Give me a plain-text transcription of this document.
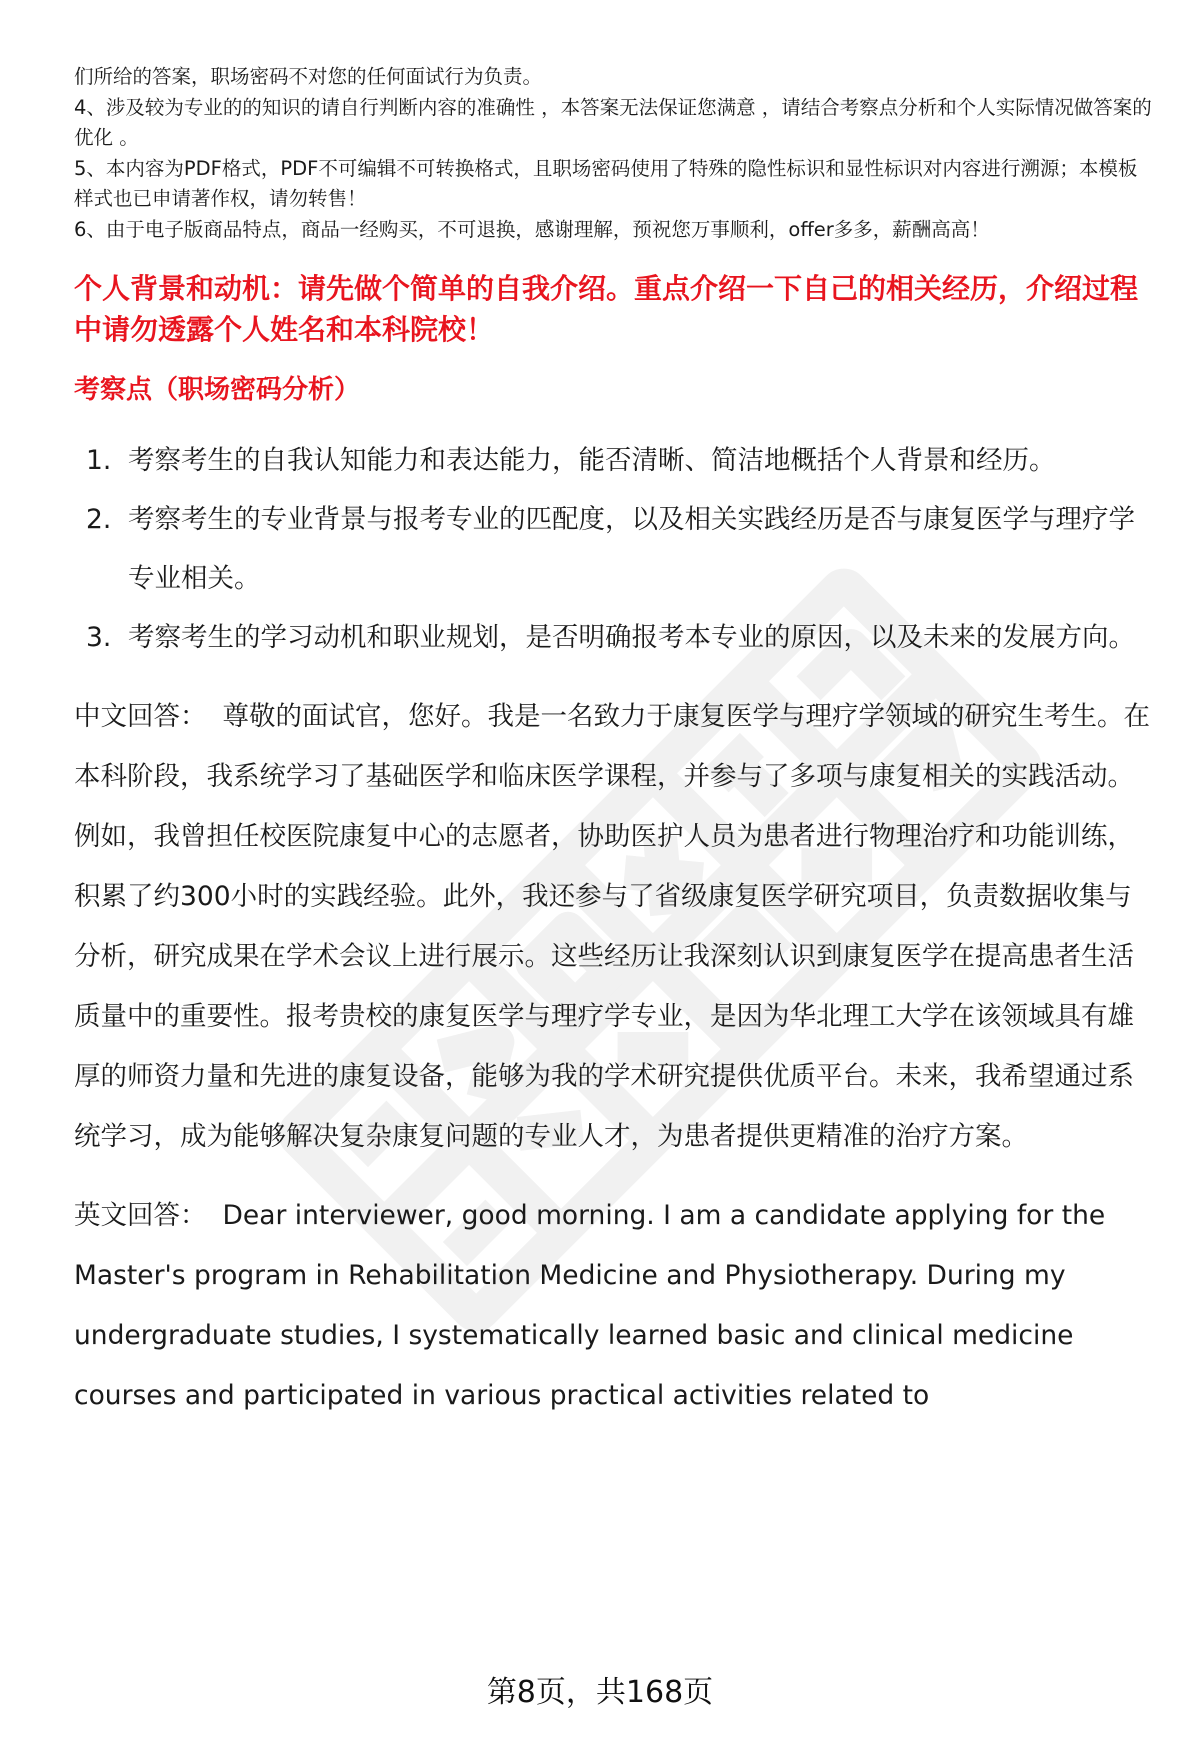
们所给的答案，职场密码不对您的任何面试行为负责。

4、涉及较为专业的的知识的请自行判断内容的准确性 ，本答案无法保证您满意 ，请结合考察点分析和个人实际情况做答案的优化 。

5、本内容为PDF格式，PDF不可编辑不可转换格式，且职场密码使用了特殊的隐性标识和显性标识对内容进行溯源；本模板样式也已申请著作权，请勿转售！

6、由于电子版商品特点，商品一经购买，不可退换，感谢理解，预祝您万事顺利，offer多多，薪酬高高！

个人背景和动机：请先做个简单的自我介绍。重点介绍一下自己的相关经历，介绍过程中请勿透露个人姓名和本科院校！

考察点（职场密码分析）

1. 考察考生的自我认知能力和表达能力，能否清晰、简洁地概括个人背景和经历。
2. 考察考生的专业背景与报考专业的匹配度，以及相关实践经历是否与康复医学与理疗学专业相关。
3. 考察考生的学习动机和职业规划，是否明确报考本专业的原因，以及未来的发展方向。

中文回答： 尊敬的面试官，您好。我是一名致力于康复医学与理疗学领域的研究生考生。在本科阶段，我系统学习了基础医学和临床医学课程，并参与了多项与康复相关的实践活动。例如，我曾担任校医院康复中心的志愿者，协助医护人员为患者进行物理治疗和功能训练，积累了约300小时的实践经验。此外，我还参与了省级康复医学研究项目，负责数据收集与分析，研究成果在学术会议上进行展示。这些经历让我深刻认识到康复医学在提高患者生活质量中的重要性。报考贵校的康复医学与理疗学专业，是因为华北理工大学在该领域具有雄厚的师资力量和先进的康复设备，能够为我的学术研究提供优质平台。未来，我希望通过系统学习，成为能够解决复杂康复问题的专业人才，为患者提供更精准的治疗方案。

英文回答： Dear interviewer, good morning. I am a candidate applying for the Master's program in Rehabilitation Medicine and Physiotherapy. During my undergraduate studies, I systematically learned basic and clinical medicine courses and participated in various practical activities related to

第8页，共168页
